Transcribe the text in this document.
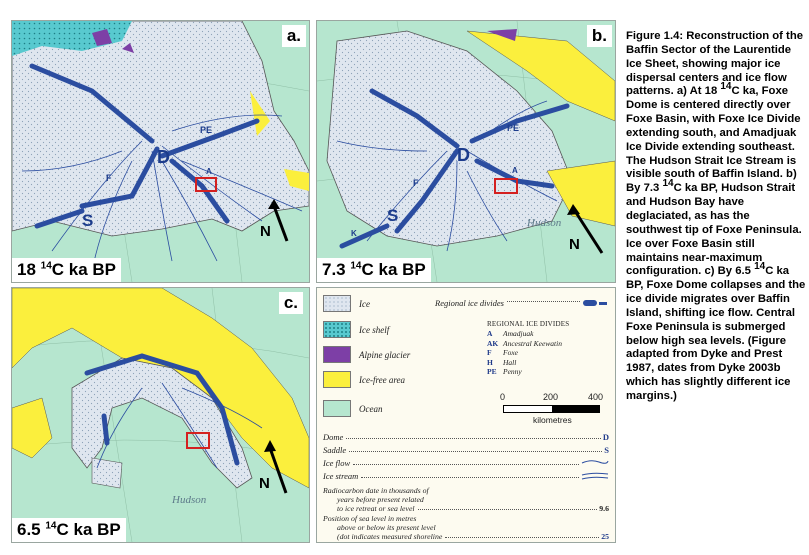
N
D
S
F
PE
A
a.
18 $^{14}$C ka BP
N
D
S
F
PE
A
K
Hudson
b.
7.3 $^{14}$C ka BP
N
Hudson
c.
6.5 $^{14}$C ka BP
Ice
Ice shelf
Alpine glacier
Ice-free area
Ocean
Regional ice divides
REGIONAL ICE DIVIDES
A Amadjuak
AK Ancestral Keewatin
F Foxe
H Hall
PE Penny
0	200	400
kilometres
Dome	D
Saddle	S
Ice flow
Ice stream
Radiocarbon date in thousands of
years before present related
to ice retreat or sea level	9.6
Position of sea level in metres
above or below its present level
(dot indicates measured shoreline	25
Figure 1.4: Reconstruction of the Baffin Sector of the Laurentide Ice Sheet, showing major ice dispersal centers and ice flow patterns. a) At 18 $^{14}$C ka, Foxe Dome is centered directly over Foxe Basin, with Foxe Ice Divide extending south, and Amadjuak Ice Divide extending southeast. The Hudson Strait Ice Stream is visible south of Baffin Island. b) By 7.3 $^{14}$C ka BP, Hudson Strait and Hudson Bay have deglaciated, as has the southwest tip of Foxe Peninsula. Ice over Foxe Basin still maintains near-maximum configuration. c) By 6.5 $^{14}$C ka BP, Foxe Dome collapses and the ice divide migrates over Baffin Island, shifting ice flow. Central Foxe Peninsula is submerged below high sea levels. (Figure adapted from Dyke and Prest 1987, dates from Dyke 2003b which has slightly different ice margins.)
